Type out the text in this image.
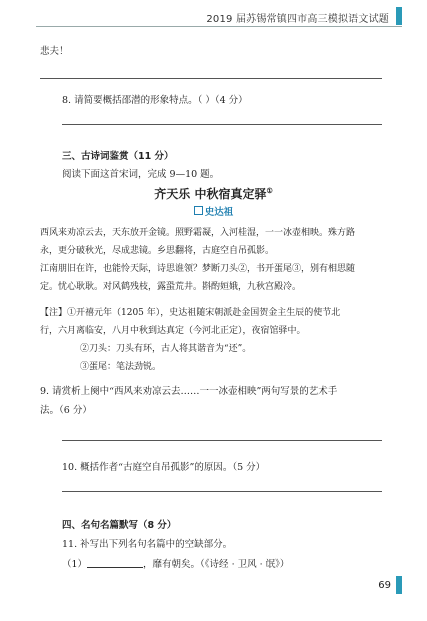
2019 届苏锡常镇四市高三模拟语文试题
悲夫！
8. 请简要概括邵潜的形象特点。（ ）（4 分）
三、古诗词鉴赏（11 分）
阅读下面这首宋词，完成 9—10 题。
齐天乐 中秋宿真定驿①
史达祖
西风来劝凉云去，天东放开金镜。照野霜凝，入河桂湿，一一冰壶相映。殊方路
永，更分破秋光，尽成悲镜。乡思翻将，古庭空自吊孤影。
江南朋旧在许，也能怜天际，诗思谁领？梦断刀头②，书开蛋尾③，别有相思随
定。忧心耿耿。对风鹤残枝，露蛩荒井。斟酌姮娥，九秋宫殿冷。
【注】①开禧元年（1205 年），史达祖随宋朝派赴金国贺金主生辰的使节北
行，六月离临安，八月中秋到达真定（今河北正定），夜宿馆驿中。
②刀头：刀头有环，古人将其谐音为“还”。
③蛋尾：笔法劲锐。
9. 请赏析上阕中“西风来劝凉云去……一一冰壶相映”两句写景的艺术手
法。（6 分）
10. 概括作者“古庭空自吊孤影”的原因。（5 分）
四、名句名篇默写（8 分）
11. 补写出下列名句名篇中的空缺部分。
（1）	，靡有朝矣。（《诗经 · 卫风 · 氓》）
69
